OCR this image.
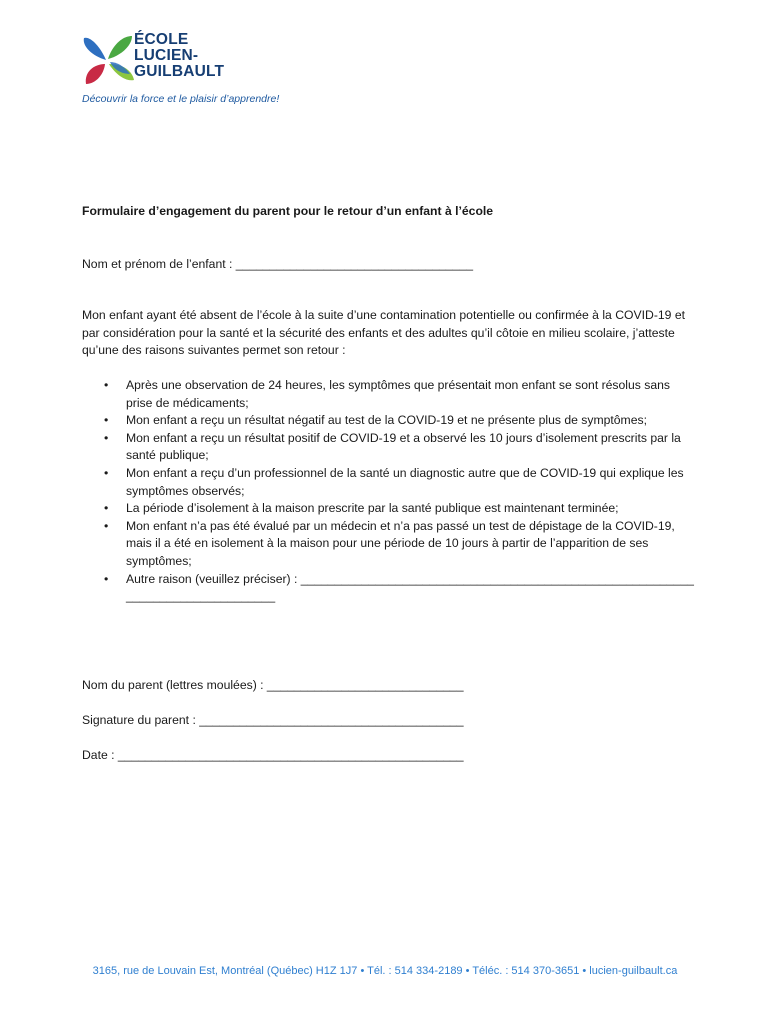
ÉCOLE
LUCIEN-
GUILBAULT
Découvrir la force et le plaisir d’apprendre!
Formulaire d’engagement du parent pour le retour d’un enfant à l’école
Nom et prénom de l’enfant : ___________________________________
Mon enfant ayant été absent de l’école à la suite d’une contamination potentielle ou confirmée à la COVID-19 et par considération pour la santé et la sécurité des enfants et des adultes qu’il côtoie en milieu scolaire, j’atteste qu’une des raisons suivantes permet son retour :
• Après une observation de 24 heures, les symptômes que présentait mon enfant se sont résolus sans prise de médicaments;
• Mon enfant a reçu un résultat négatif au test de la COVID-19 et ne présente plus de symptômes;
• Mon enfant a reçu un résultat positif de COVID-19 et a observé les 10 jours d’isolement prescrits par la santé publique;
• Mon enfant a reçu d’un professionnel de la santé un diagnostic autre que de COVID-19 qui explique les symptômes observés;
• La période d’isolement à la maison prescrite par la santé publique est maintenant terminée;
• Mon enfant n’a pas été évalué par un médecin et n’a pas passé un test de dépistage de la COVID-19, mais il a été en isolement à la maison pour une période de 10 jours à partir de l’apparition de ses symptômes;
• Autre raison (veuillez préciser) : ________________________________________________________________________________
Nom du parent (lettres moulées) : _____________________________
Signature du parent : _______________________________________
Date : ___________________________________________________
3165, rue de Louvain Est, Montréal (Québec) H1Z 1J7 • Tél. : 514 334-2189 • Téléc. : 514 370-3651 • lucien-guilbault.ca
